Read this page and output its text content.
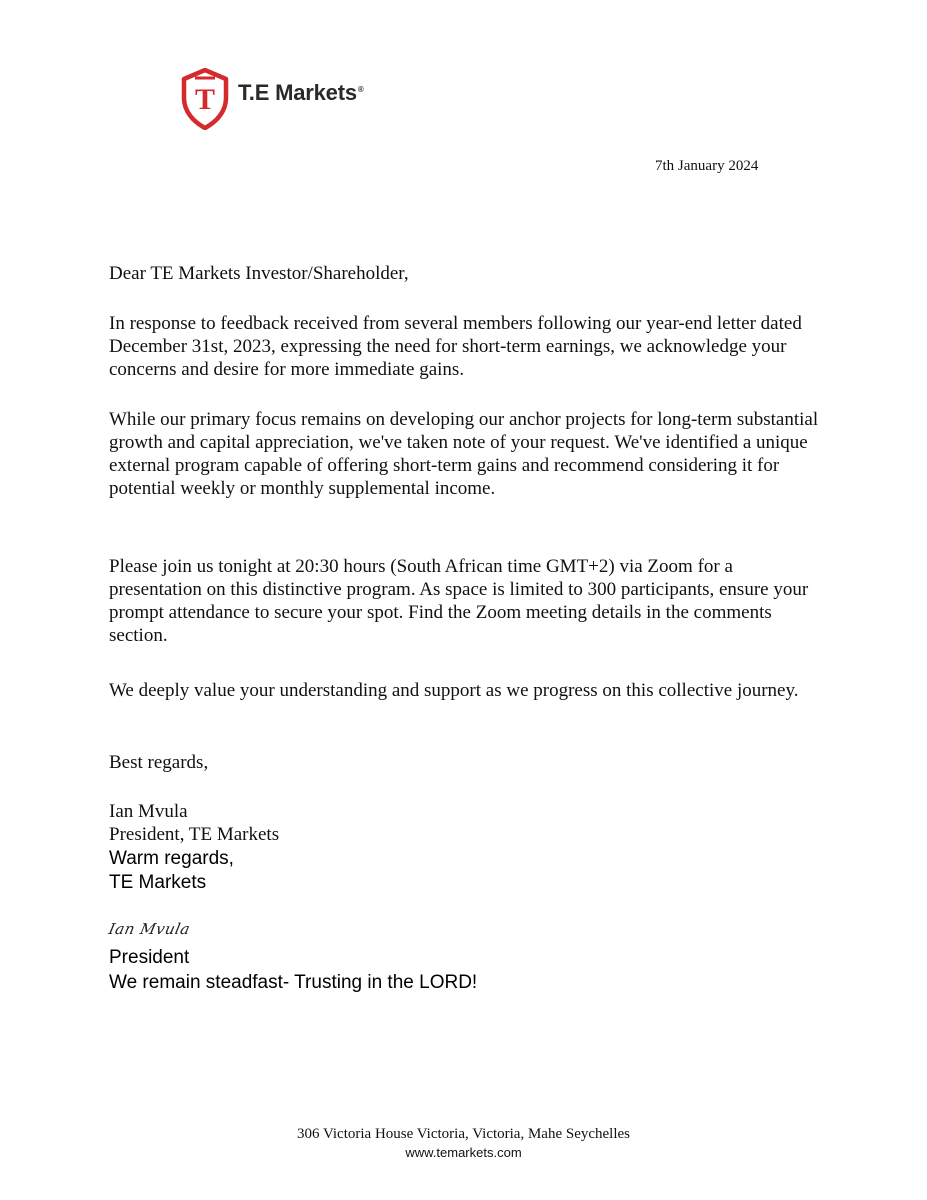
T T.E Markets®
7th January 2024

Dear TE Markets Investor/Shareholder,

In response to feedback received from several members following our year-end letter dated December 31st, 2023, expressing the need for short-term earnings, we acknowledge your concerns and desire for more immediate gains.

While our primary focus remains on developing our anchor projects for long-term substantial growth and capital appreciation, we've taken note of your request. We've identified a unique external program capable of offering short-term gains and recommend considering it for potential weekly or monthly supplemental income.

Please join us tonight at 20:30 hours (South African time GMT+2) via Zoom for a presentation on this distinctive program. As space is limited to 300 participants, ensure your prompt attendance to secure your spot. Find the Zoom meeting details in the comments section.

We deeply value your understanding and support as we progress on this collective journey.

Best regards,

Ian Mvula

President, TE Markets

Warm regards,

TE Markets

Ian Mvula

President

We remain steadfast- Trusting in the LORD!

306 Victoria House Victoria, Victoria, Mahe Seychelles
www.temarkets.com
